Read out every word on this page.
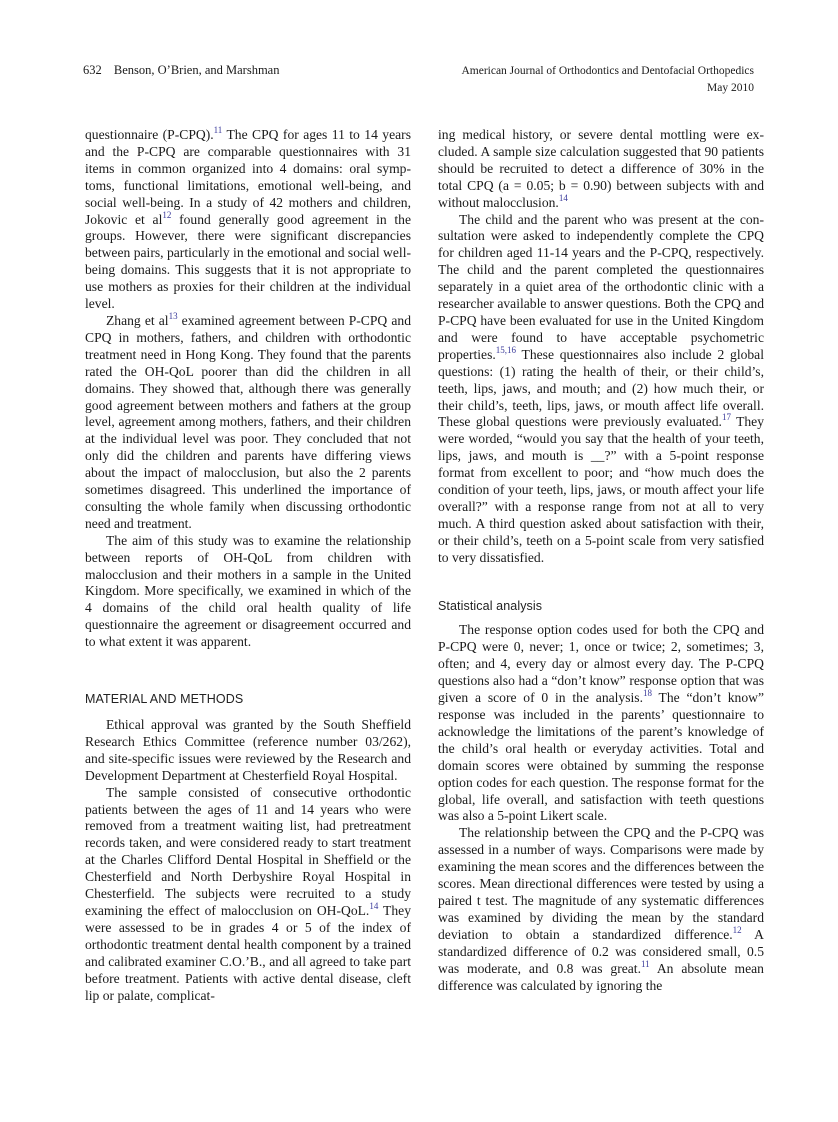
632 Benson, O’Brien, and Marshman	American Journal of Orthodontics and Dentofacial Orthopedics
May 2010

questionnaire (P-CPQ).$^{11}$ The CPQ for ages 11 to 14 years and the P-CPQ are comparable questionnaires with 31 items in common organized into 4 domains: oral symptoms, functional limitations, emotional well-being, and social well-being. In a study of 42 mothers and children, Jokovic et al$^{12}$ found generally good agreement in the groups. However, there were significant discrepancies between pairs, particularly in the emotional and social well-being domains. This suggests that it is not appropriate to use mothers as proxies for their children at the individual level.

Zhang et al$^{13}$ examined agreement between P-CPQ and CPQ in mothers, fathers, and children with orthodontic treatment need in Hong Kong. They found that the parents rated the OH-QoL poorer than did the children in all domains. They showed that, although there was generally good agreement between mothers and fathers at the group level, agreement among mothers, fathers, and their children at the individual level was poor. They concluded that not only did the children and parents have differing views about the impact of malocclusion, but also the 2 parents sometimes disagreed. This underlined the importance of consulting the whole family when discussing orthodontic need and treatment.

The aim of this study was to examine the relationship between reports of OH-QoL from children with malocclusion and their mothers in a sample in the United Kingdom. More specifically, we examined in which of the 4 domains of the child oral health quality of life questionnaire the agreement or disagreement occurred and to what extent it was apparent.

MATERIAL AND METHODS

Ethical approval was granted by the South Sheffield Research Ethics Committee (reference number 03/262), and site-specific issues were reviewed by the Research and Development Department at Chesterfield Royal Hospital.

The sample consisted of consecutive orthodontic patients between the ages of 11 and 14 years who were removed from a treatment waiting list, had pretreatment records taken, and were considered ready to start treatment at the Charles Clifford Dental Hospital in Sheffield or the Chesterfield and North Derbyshire Royal Hospital in Chesterfield. The subjects were recruited to a study examining the effect of malocclusion on OH-QoL.$^{14}$ They were assessed to be in grades 4 or 5 of the index of orthodontic treatment dental health component by a trained and calibrated examiner C.O.’B., and all agreed to take part before treatment. Patients with active dental disease, cleft lip or palate, complicat-

ing medical history, or severe dental mottling were excluded. A sample size calculation suggested that 90 patients should be recruited to detect a difference of 30% in the total CPQ (a = 0.05; b = 0.90) between subjects with and without malocclusion.$^{14}$

The child and the parent who was present at the consultation were asked to independently complete the CPQ for children aged 11-14 years and the P-CPQ, respectively. The child and the parent completed the questionnaires separately in a quiet area of the orthodontic clinic with a researcher available to answer questions. Both the CPQ and P-CPQ have been evaluated for use in the United Kingdom and were found to have acceptable psychometric properties.$^{15,16}$ These questionnaires also include 2 global questions: (1) rating the health of their, or their child’s, teeth, lips, jaws, and mouth; and (2) how much their, or their child’s, teeth, lips, jaws, or mouth affect life overall. These global questions were previously evaluated.$^{17}$ They were worded, “would you say that the health of your teeth, lips, jaws, and mouth is __?” with a 5-point response format from excellent to poor; and “how much does the condition of your teeth, lips, jaws, or mouth affect your life overall?” with a response range from not at all to very much. A third question asked about satisfaction with their, or their child’s, teeth on a 5-point scale from very satisfied to very dissatisfied.

Statistical analysis

The response option codes used for both the CPQ and P-CPQ were 0, never; 1, once or twice; 2, sometimes; 3, often; and 4, every day or almost every day. The P-CPQ questions also had a “don’t know” response option that was given a score of 0 in the analysis.$^{18}$ The “don’t know” response was included in the parents’ questionnaire to acknowledge the limitations of the parent’s knowledge of the child’s oral health or everyday activities. Total and domain scores were obtained by summing the response option codes for each question. The response format for the global, life overall, and satisfaction with teeth questions was also a 5-point Likert scale.

The relationship between the CPQ and the P-CPQ was assessed in a number of ways. Comparisons were made by examining the mean scores and the differences between the scores. Mean directional differences were tested by using a paired t test. The magnitude of any systematic differences was examined by dividing the mean by the standard deviation to obtain a standardized difference.$^{12}$ A standardized difference of 0.2 was considered small, 0.5 was moderate, and 0.8 was great.$^{11}$ An absolute mean difference was calculated by ignoring the
